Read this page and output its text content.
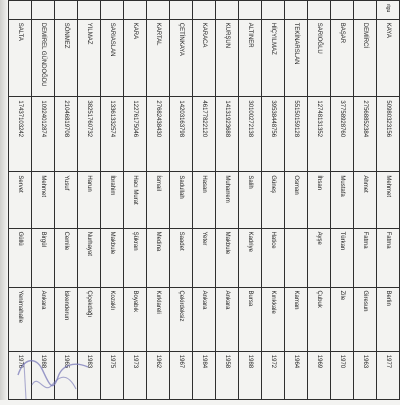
ıtgu	KAYA	50980323156	Mehmet	Fatma	Berlin	1977
	DEMİRCİ	27568852384	Ahmet	Fatma	Giresun	1963
	BAŞAR	37758928760	Mustafa	Türkan	Zile	1970
	SARIOĞLU	12748131352	İhsan	Ayşe	Çubuk	1969
	TEKİNARSLAN	55150159128	Osman		Kaman	1964
	HİÇYILMAZ	39538448756	Güneş	Hatice	Kırıkkale	1972
	ALTINER	30100272138	Salih	Kadriye	Bursa	1988
	KURŞUN	14131923688	Muharrem	Makbule	Ankara	1958
	KARACA	46177822120	Hasan	Yeter	Ankara	1984
	ÇETİNKAYA	14203163798	Sadullah	Saadet	Çekirdeksiz	1967
	KARTAL	27682438430	İsmail	Medina	Kırklareli	1962
	KARA	12276175046	Hacı Murat	Şükran	Boyabık	1973
	SARIASLAN	13361332574	İbrahim	Makbule	Kozaklı	1975
	YILMAZ	38251760732	Harun	Nurhayat	Çiçekdağı	1983
	SÖNMEZ	21046819708	Yusuf	Cemile	İskenderun	1965
	DEMİREL GÜNDOĞDU	10924012874	Mehmet	Birgül	Ankara	1988
	SALTA	17437103242	Servet	Güllü	Yenimahalle	1976
